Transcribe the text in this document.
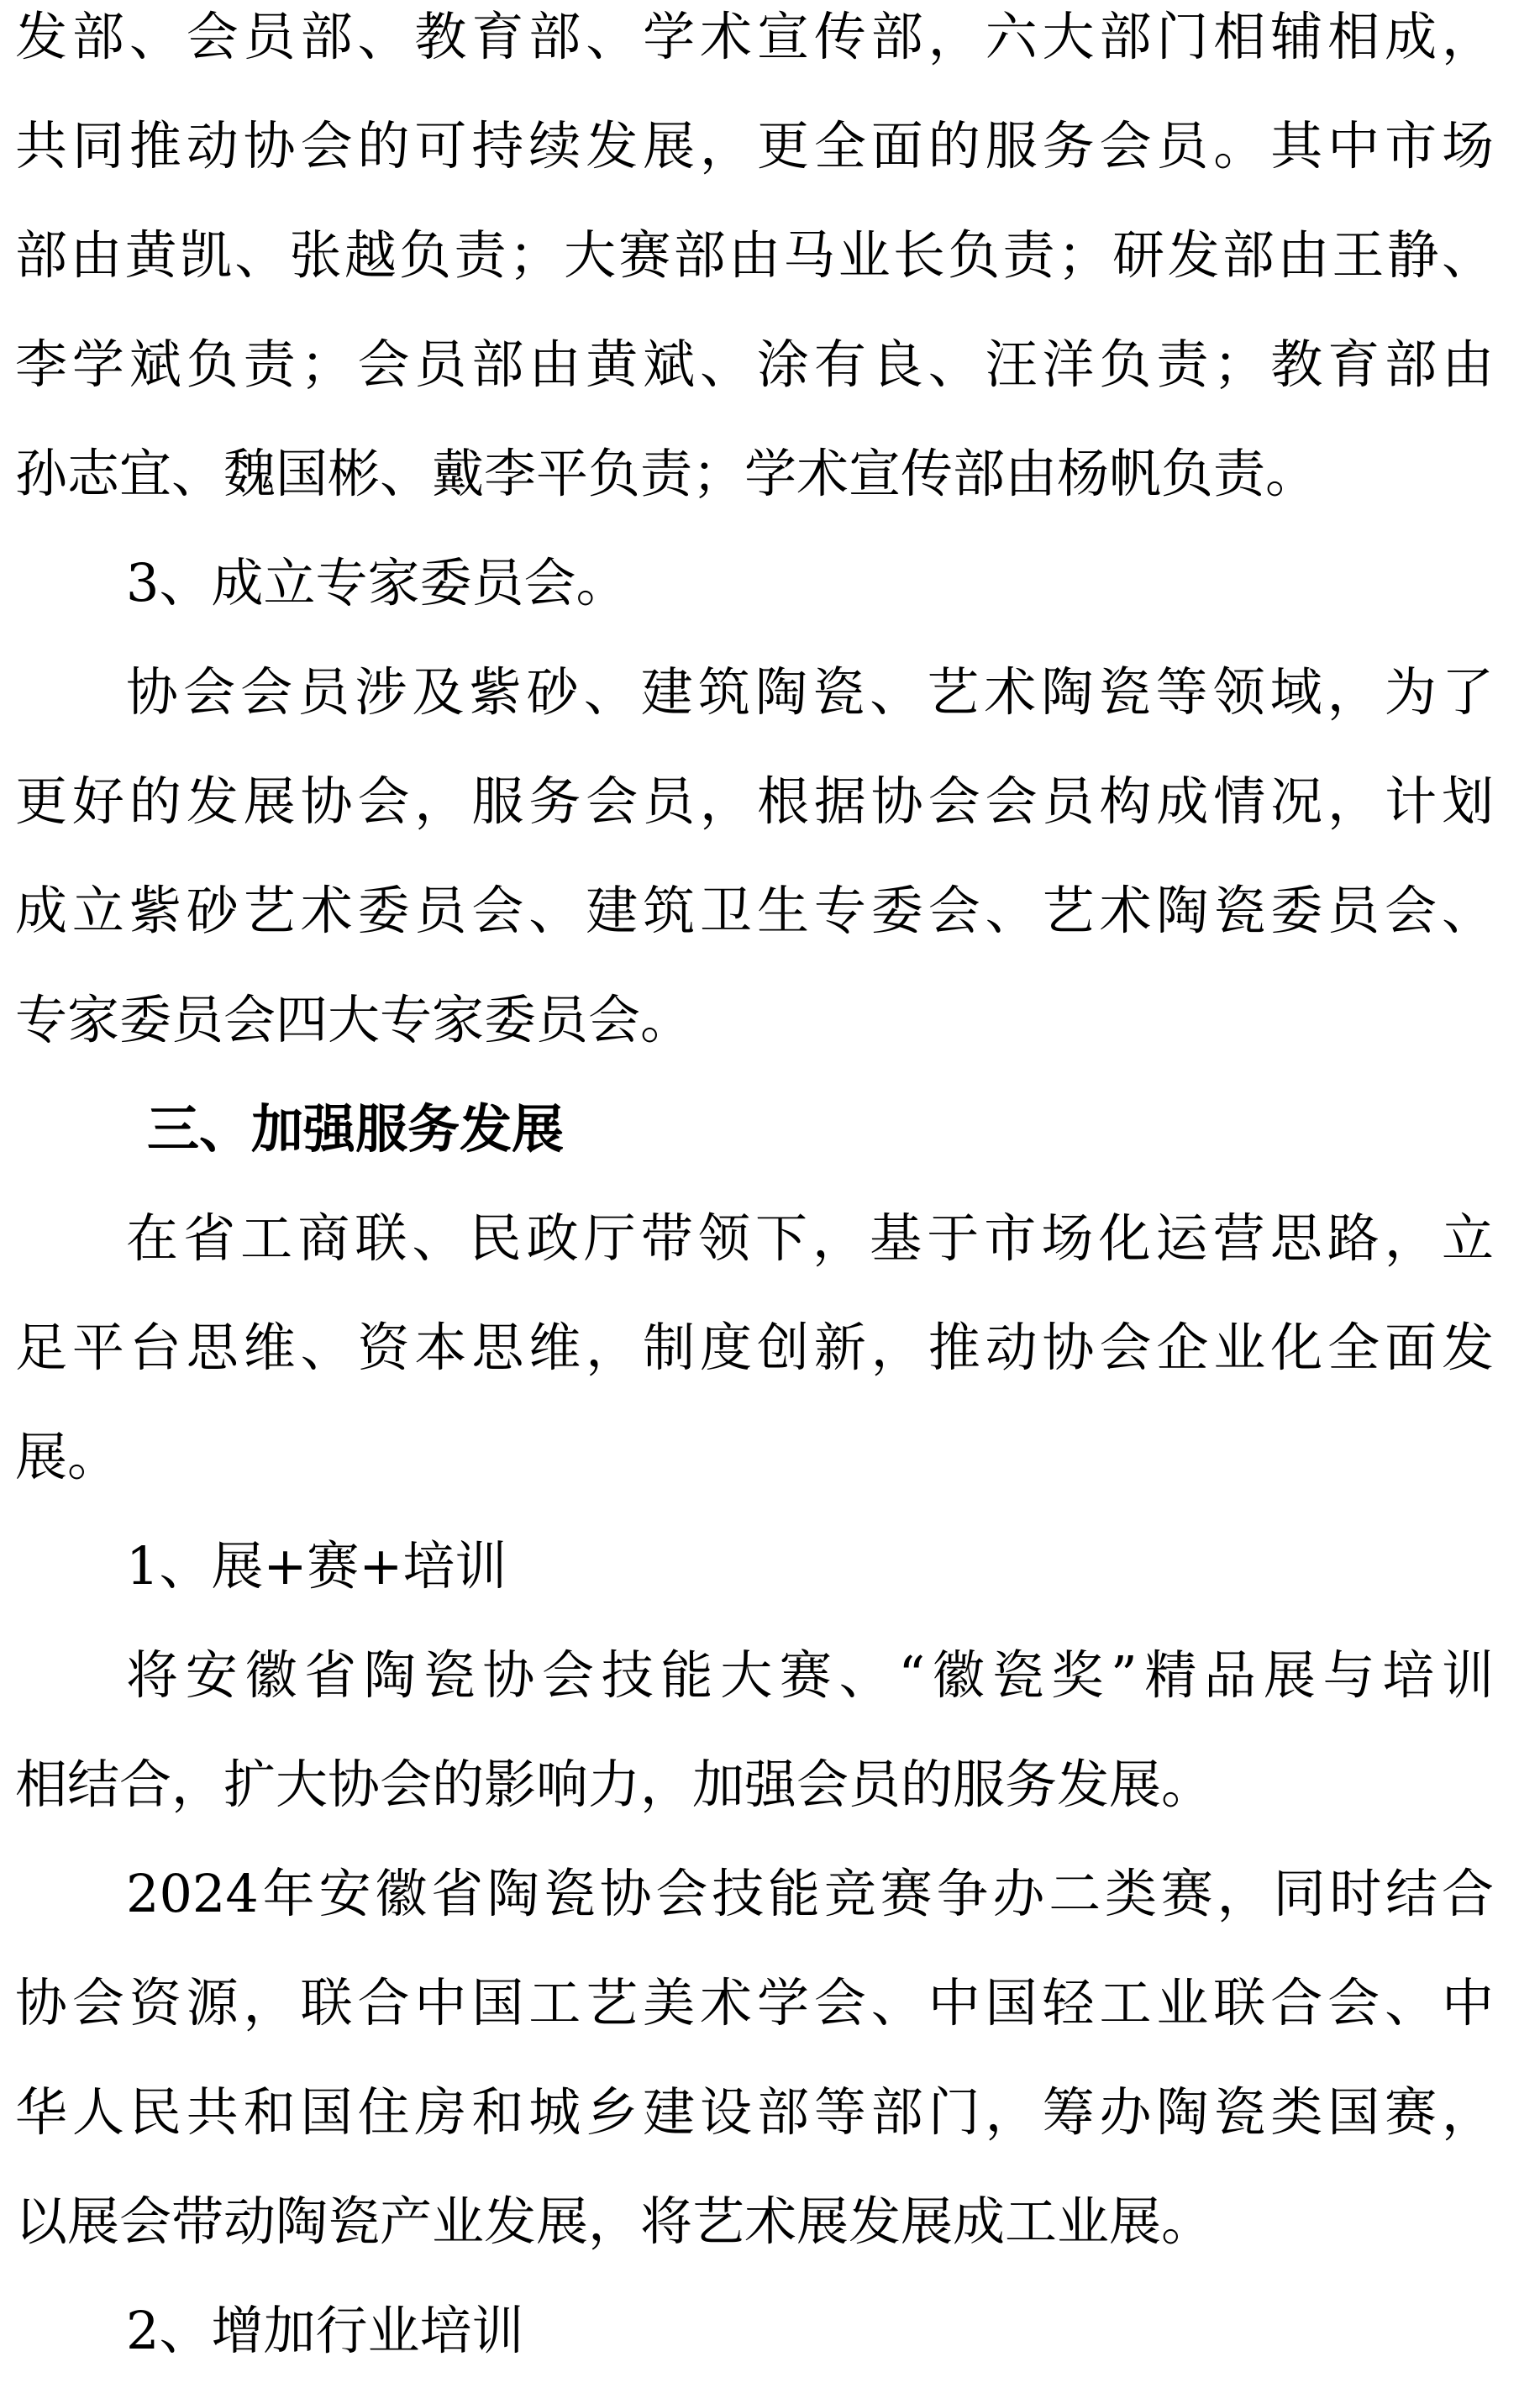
发部、会员部、教育部、学术宣传部，六大部门相辅相成，

共同推动协会的可持续发展，更全面的服务会员。其中市场

部由黄凯、张越负责；大赛部由马业长负责；研发部由王静、

李学斌负责；会员部由黄斌、涂有良、汪洋负责；教育部由

孙志宜、魏国彬、戴李平负责；学术宣传部由杨帆负责。

3、成立专家委员会。

协会会员涉及紫砂、建筑陶瓷、艺术陶瓷等领域，为了

更好的发展协会，服务会员，根据协会会员构成情况，计划

成立紫砂艺术委员会、建筑卫生专委会、艺术陶瓷委员会、

专家委员会四大专家委员会。

三、加强服务发展

在省工商联、民政厅带领下，基于市场化运营思路，立

足平台思维、资本思维，制度创新，推动协会企业化全面发

展。

1、展+赛+培训

将安徽省陶瓷协会技能大赛、“徽瓷奖”精品展与培训

相结合，扩大协会的影响力，加强会员的服务发展。

2024年安徽省陶瓷协会技能竞赛争办二类赛，同时结合

协会资源，联合中国工艺美术学会、中国轻工业联合会、中

华人民共和国住房和城乡建设部等部门，筹办陶瓷类国赛，

以展会带动陶瓷产业发展，将艺术展发展成工业展。

2、增加行业培训
